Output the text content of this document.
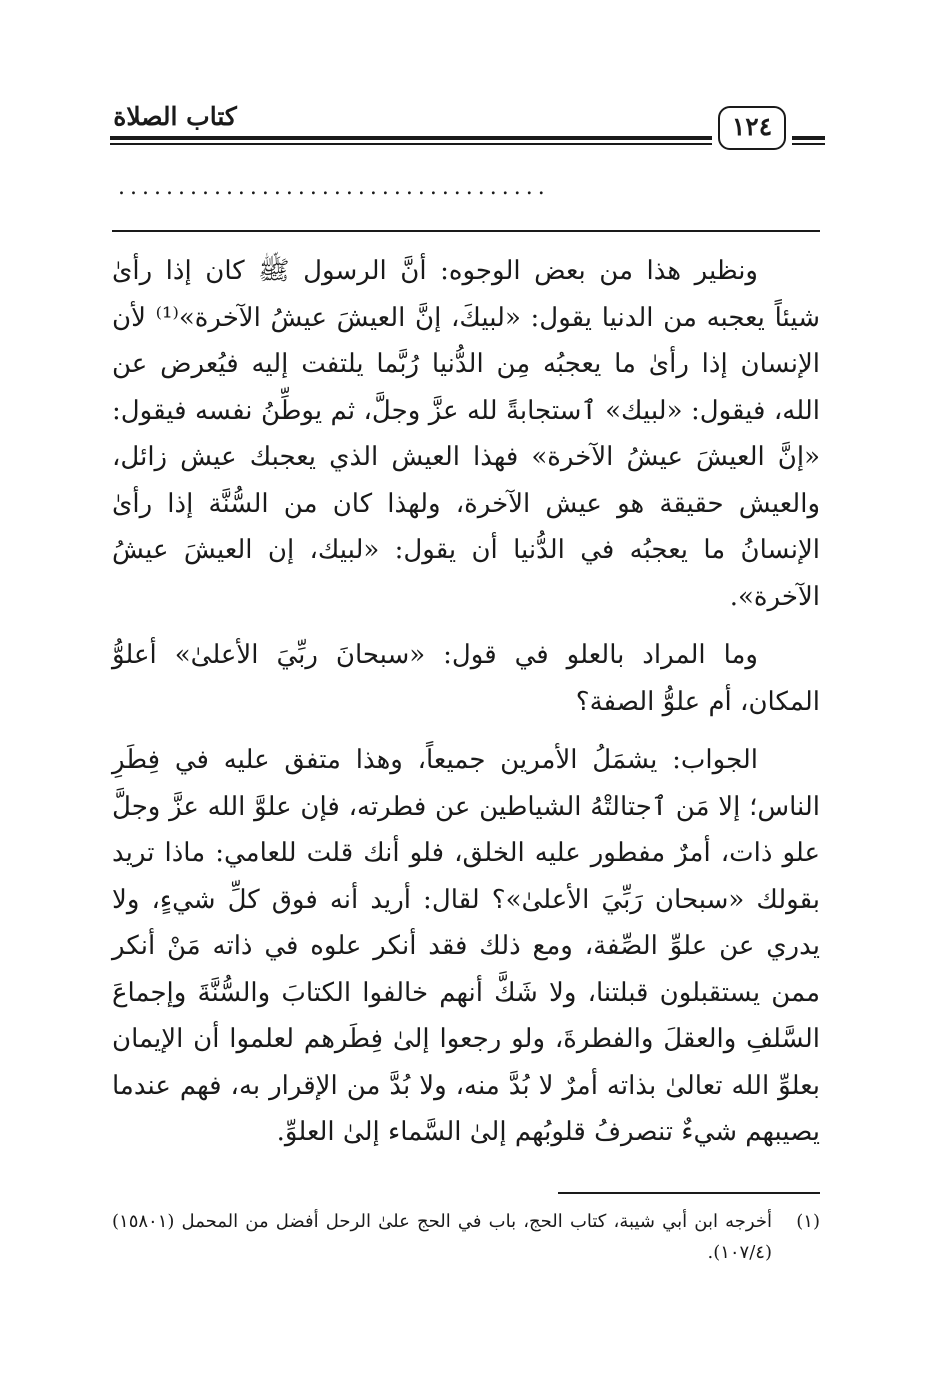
كتاب الصلاة	١٢٤
....................................

ونظير هذا من بعض الوجوه: أنَّ الرسول ﷺ كان إذا رأىٰ شيئاً يعجبه من الدنيا يقول: «لبيكَ، إنَّ العيشَ عيشُ الآخرة»⁽¹⁾ لأن الإنسان إذا رأىٰ ما يعجبُه مِن الدُّنيا رُبَّما يلتفت إليه فيُعرض عن الله، فيقول: «لبيك» ٱستجابةً لله عزَّ وجلَّ، ثم يوطِّنُ نفسه فيقول: «إنَّ العيشَ عيشُ الآخرة» فهذا العيش الذي يعجبك عيش زائل، والعيش حقيقة هو عيش الآخرة، ولهذا كان من السُّنَّة إذا رأىٰ الإنسانُ ما يعجبُه في الدُّنيا أن يقول: «لبيك، إن العيشَ عيشُ الآخرة».

وما المراد بالعلو في قول: «سبحانَ ربِّيَ الأعلىٰ» أعلوُّ المكان، أم علوُّ الصفة؟

الجواب: يشمَلُ الأمرين جميعاً، وهذا متفق عليه في فِطَرِ الناس؛ إلا مَن ٱجتالتْهُ الشياطين عن فطرته، فإن علوَّ الله عزَّ وجلَّ علو ذات، أمرٌ مفطور عليه الخلق، فلو أنك قلت للعامي: ماذا تريد بقولك «سبحان رَبِّيَ الأعلىٰ»؟ لقال: أريد أنه فوق كلِّ شيءٍ، ولا يدري عن علوِّ الصِّفة، ومع ذلك فقد أنكر علوه في ذاته مَنْ أنكر ممن يستقبلون قبلتنا، ولا شَكَّ أنهم خالفوا الكتابَ والسُّنَّةَ وإجماعَ السَّلفِ والعقلَ والفطرةَ، ولو رجعوا إلىٰ فِطَرهم لعلموا أن الإيمان بعلوِّ الله تعالىٰ بذاته أمرٌ لا بُدَّ منه، ولا بُدَّ من الإقرار به، فهم عندما يصيبهم شيءٌ تنصرفُ قلوبُهم إلىٰ السَّماء إلىٰ العلوِّ.

(١)
أخرجه ابن أبي شيبة، كتاب الحج، باب في الحج علىٰ الرحل أفضل من المحمل (١٥٨٠١) (١٠٧/٤).
